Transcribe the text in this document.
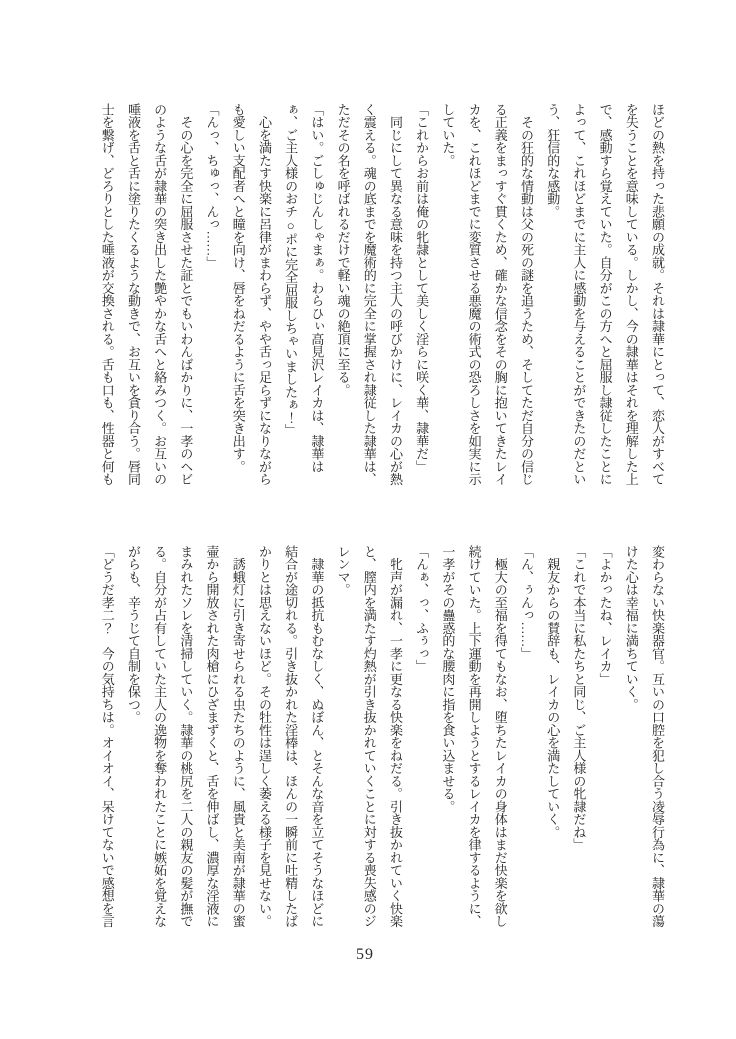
ほどの熱を持った悲願の成就。それは隷華にとって、恋人がすべて

を失うことを意味している。しかし、今の隷華はそれを理解した上

で、感動すら覚えていた。自分がこの方へと屈服し隷従したことに

よって、これほどまでに主人に感動を与えることができたのだとい

う、狂信的な感動。

　その狂的な情動は父の死の謎を追うため、そしてただ自分の信じ

る正義をまっすぐ貫くため、確かな信念をその胸に抱いてきたレイ

カを、これほどまでに変質させる悪魔の術式の恐ろしさを如実に示

していた。

「これからお前は俺の牝隷として美しく淫らに咲く華、隷華だ」

　同じにして異なる意味を持つ主人の呼びかけに、レイカの心が熱

く震える。魂の底までを魔術的に完全に掌握され隷従した隷華は、

ただその名を呼ばれるだけで軽い魂の絶頂に至る。

「はい。ごしゅじんしゃまぁ。わらひぃ高見沢レイカは、隷華は

ぁ、ご主人様のおチ○ポに完全屈服しちゃいましたぁ！」

　心を満たす快楽に呂律がまわらず、やや舌っ足らずになりながら

も愛しい支配者へと瞳を向け、唇をねだるように舌を突き出す。

「んっ、ちゅっ、んっ……」

　その心を完全に屈服させた証とでもいわんばかりに、一孝のヘビ

のような舌が隷華の突き出した艶やかな舌へと絡みつく。お互いの

唾液を舌と舌に塗りたくるような動きで、お互いを貪り合う。唇同

士を繋げ、どろりとした唾液が交換される。舌も口も、性器と何も

変わらない快楽器官。互いの口腔を犯し合う凌辱行為に、隷華の蕩

けた心は幸福に満ちていく。

「よかったね、レイカ」

「これで本当に私たちと同じ、ご主人様の牝隷だね」

　親友からの賛辞も、レイカの心を満たしていく。

「ん、ぅんっ……」

　極大の至福を得てもなお、堕ちたレイカの身体はまだ快楽を欲し

続けていた。上下運動を再開しようとするレイカを律するように、

一孝がその蠱惑的な腰肉に指を食い込ませる。

「んぁ、っ、ふぅっ」

　牝声が漏れ、一孝に更なる快楽をねだる。引き抜かれていく快楽

と、膣内を満たす灼熱が引き抜かれていくことに対する喪失感のジ

レンマ。

　隷華の抵抗もむなしく、ぬぼん、とそんな音を立てそうなほどに

結合が途切れる。引き抜かれた淫棒は、ほんの一瞬前に吐精したば

かりとは思えないほど。その牡性は逞しく萎える様子を見せない。

　誘蛾灯に引き寄せられる虫たちのように、風貴と美南が隷華の蜜

壷から開放された肉槍にひざまずくと、舌を伸ばし、濃厚な淫液に

まみれたソレを清掃していく。隷華の桃尻を二人の親友の髪が撫で

る。自分が占有していた主人の逸物を奪われたことに嫉妬を覚えな

がらも、辛うじて自制を保つ。

「どうだ孝二？　今の気持ちは。オイオイ、呆けてないで感想を言

59
